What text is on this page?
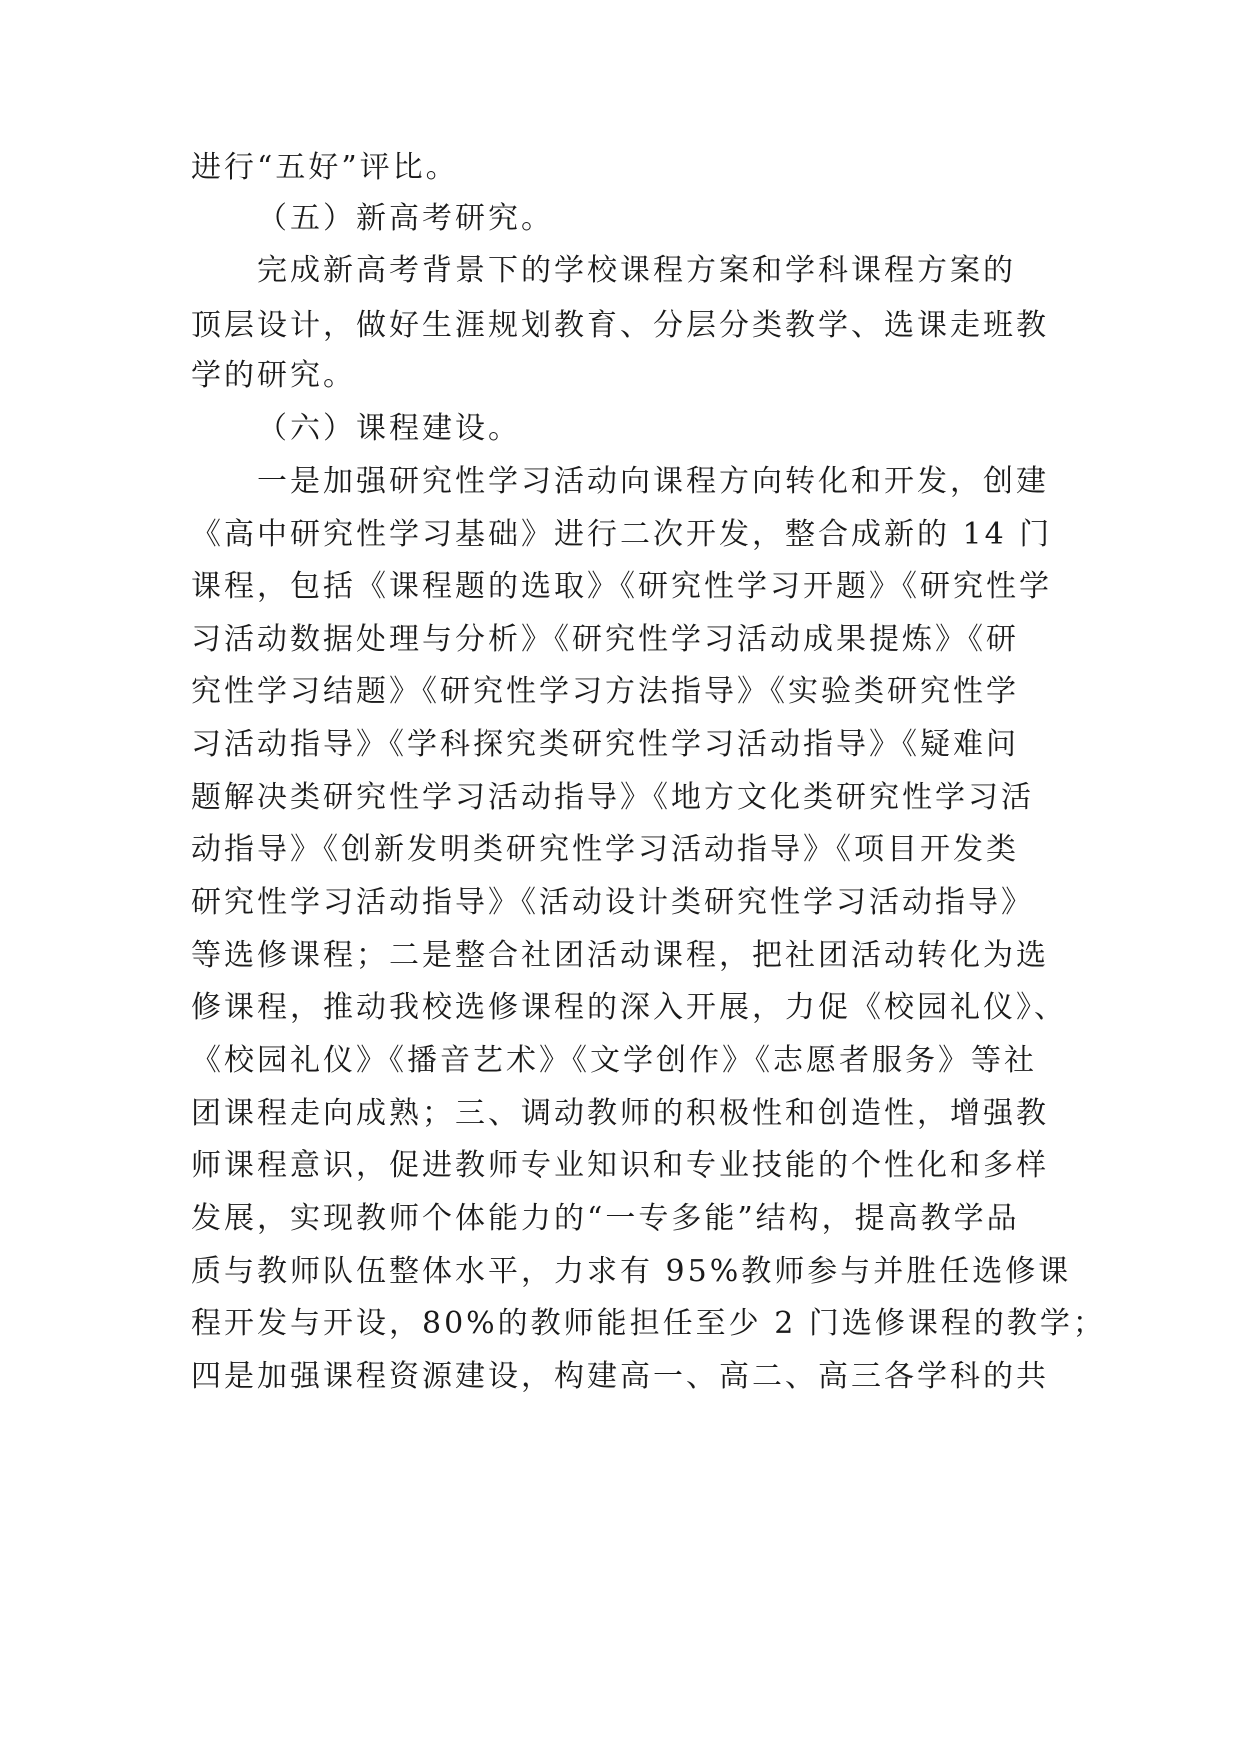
进行“五好”评比。
（五）新高考研究。
完成新高考背景下的学校课程方案和学科课程方案的
顶层设计，做好生涯规划教育、分层分类教学、选课走班教
学的研究。
（六）课程建设。
一是加强研究性学习活动向课程方向转化和开发，创建
《高中研究性学习基础》进行二次开发，整合成新的 14 门
课程，包括《课程题的选取》《研究性学习开题》《研究性学
习活动数据处理与分析》《研究性学习活动成果提炼》《研
究性学习结题》《研究性学习方法指导》《实验类研究性学
习活动指导》《学科探究类研究性学习活动指导》《疑难问
题解决类研究性学习活动指导》《地方文化类研究性学习活
动指导》《创新发明类研究性学习活动指导》《项目开发类
研究性学习活动指导》《活动设计类研究性学习活动指导》
等选修课程；二是整合社团活动课程，把社团活动转化为选
修课程，推动我校选修课程的深入开展，力促《校园礼仪》、
《校园礼仪》《播音艺术》《文学创作》《志愿者服务》等社
团课程走向成熟；三、调动教师的积极性和创造性，增强教
师课程意识，促进教师专业知识和专业技能的个性化和多样
发展，实现教师个体能力的“一专多能”结构，提高教学品
质与教师队伍整体水平，力求有 95%教师参与并胜任选修课
程开发与开设，80%的教师能担任至少 2 门选修课程的教学；
四是加强课程资源建设，构建高一、高二、高三各学科的共
